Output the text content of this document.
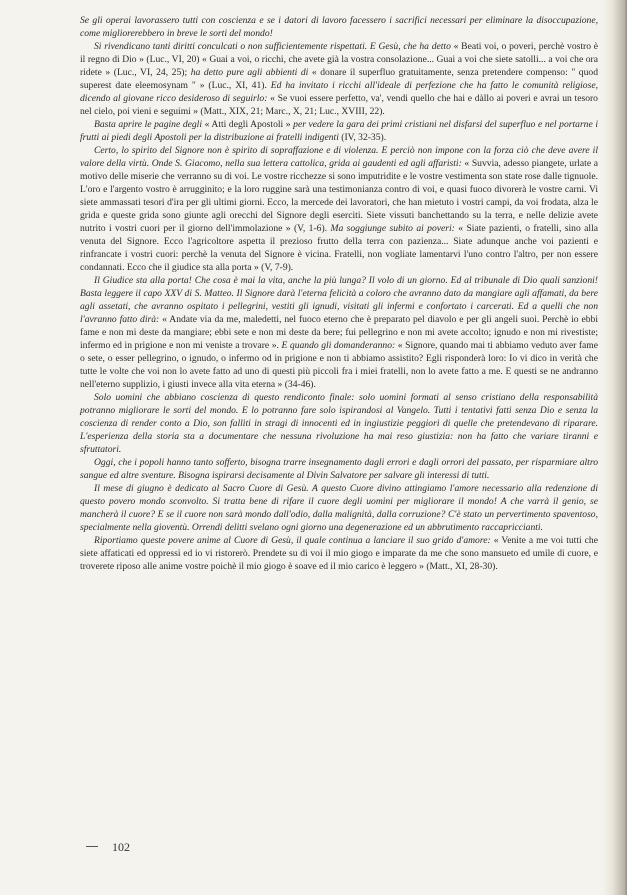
Se gli operai lavorassero tutti con coscienza e se i datori di lavoro facessero i sacrifici necessari per eliminare la disoccupazione, come migliorerebbero in breve le sorti del mondo!

Si rivendicano tanti diritti conculcati o non sufficientemente rispettati. E Gesù, che ha detto « Beati voi, o poveri, perchè vostro è il regno di Dio » (Luc., VI, 20) « Guai a voi, o ricchi, che avete già la vostra consolazione... Guai a voi che siete satolli... a voi che ora ridete » (Luc., VI, 24, 25); ha detto pure agli abbienti di « donare il superfluo gratuitamente, senza pretendere compenso: " quod superest date eleemosynam " » (Luc., XI, 41). Ed ha invitato i ricchi all'ideale di perfezione che ha fatto le comunità religiose, dicendo al giovane ricco desideroso di seguirlo: « Se vuoi essere perfetto, va', vendi quello che hai e dàllo ai poveri e avrai un tesoro nel cielo, poi vieni e seguimi » (Matt., XIX, 21; Marc., X, 21; Luc., XVIII, 22).

Basta aprire le pagine degli « Atti degli Apostoli » per vedere la gara dei primi cristiani nel disfarsi del superfluo e nel portarne i frutti ai piedi degli Apostoli per la distribuzione ai fratelli indigenti (IV, 32-35).

Certo, lo spirito del Signore non è spirito di sopraffazione e di violenza. E perciò non impone con la forza ciò che deve avere il valore della virtù. Onde S. Giacomo, nella sua lettera cattolica, grida ai gaudenti ed agli affaristi: « Suvvia, adesso piangete, urlate a motivo delle miserie che verranno su di voi. Le vostre ricchezze si sono imputridite e le vostre vestimenta son state rose dalle tignuole. L'oro e l'argento vostro è arrugginito; e la loro ruggine sarà una testimonianza contro di voi, e quasi fuoco divorerà le vostre carni. Vi siete ammassati tesori d'ira per gli ultimi giorni. Ecco, la mercede dei lavoratori, che han mietuto i vostri campi, da voi frodata, alza le grida e queste grida sono giunte agli orecchi del Signore degli eserciti. Siete vissuti banchettando su la terra, e nelle delizie avete nutrito i vostri cuori per il giorno dell'immolazione » (V, 1-6). Ma soggiunge subito ai poveri: « Siate pazienti, o fratelli, sino alla venuta del Signore. Ecco l'agricoltore aspetta il prezioso frutto della terra con pazienza... Siate adunque anche voi pazienti e rinfrancate i vostri cuori: perchè la venuta del Signore è vicina. Fratelli, non vogliate lamentarvi l'uno contro l'altro, per non essere condannati. Ecco che il giudice sta alla porta » (V, 7-9).

Il Giudice sta alla porta! Che cosa è mai la vita, anche la più lunga? Il volo di un giorno. Ed al tribunale di Dio quali sanzioni! Basta leggere il capo XXV di S. Matteo. Il Signore darà l'eterna felicità a coloro che avranno dato da mangiare agli affamati, da bere agli assetati, che avranno ospitato i pellegrini, vestiti gli ignudi, visitati gli infermi e confortato i carcerati. Ed a quelli che non l'avranno fatto dirà: « Andate via da me, maledetti, nel fuoco eterno che è preparato pel diavolo e per gli angeli suoi. Perchè io ebbi fame e non mi deste da mangiare; ebbi sete e non mi deste da bere; fui pellegrino e non mi avete accolto; ignudo e non mi rivestiste; infermo ed in prigione e non mi veniste a trovare ». E quando gli domanderanno: « Signore, quando mai ti abbiamo veduto aver fame o sete, o esser pellegrino, o ignudo, o infermo od in prigione e non ti abbiamo assistito? Egli risponderà loro: Io vi dico in verità che tutte le volte che voi non lo avete fatto ad uno di questi più piccoli fra i miei fratelli, non lo avete fatto a me. E questi se ne andranno nell'eterno supplizio, i giusti invece alla vita eterna » (34-46).

Solo uomini che abbiano coscienza di questo rendiconto finale: solo uomini formati al senso cristiano della responsabilità potranno migliorare le sorti del mondo. E lo potranno fare solo ispirandosi al Vangelo. Tutti i tentativi fatti senza Dio e senza la coscienza di render conto a Dio, son falliti in stragi di innocenti ed in ingiustizie peggiori di quelle che pretendevano di riparare. L'esperienza della storia sta a documentare che nessuna rivoluzione ha mai reso giustizia: non ha fatto che variare tiranni e sfruttatori.

Oggi, che i popoli hanno tanto sofferto, bisogna trarre insegnamento dagli errori e dagli orrori del passato, per risparmiare altro sangue ed altre sventure. Bisogna ispirarsi decisamente al Divin Salvatore per salvare gli interessi di tutti.

Il mese di giugno è dedicato al Sacro Cuore di Gesù. A questo Cuore divino attingiamo l'amore necessario alla redenzione di questo povero mondo sconvolto. Si tratta bene di rifare il cuore degli uomini per migliorare il mondo! A che varrà il genio, se mancherà il cuore? E se il cuore non sarà mondo dall'odio, dalla malignità, dalla corruzione? C'è stato un pervertimento spaventoso, specialmente nella gioventù. Orrendi delitti svelano ogni giorno una degenerazione ed un abbrutimento raccapriccianti.

Riportiamo queste povere anime al Cuore di Gesù, il quale continua a lanciare il suo grido d'amore: « Venite a me voi tutti che siete affaticati ed oppressi ed io vi ristorerò. Prendete su di voi il mio giogo e imparate da me che sono mansueto ed umile di cuore, e troverete riposo alle anime vostre poichè il mio giogo è soave ed il mio carico è leggero » (Matt., XI, 28-30).

102
